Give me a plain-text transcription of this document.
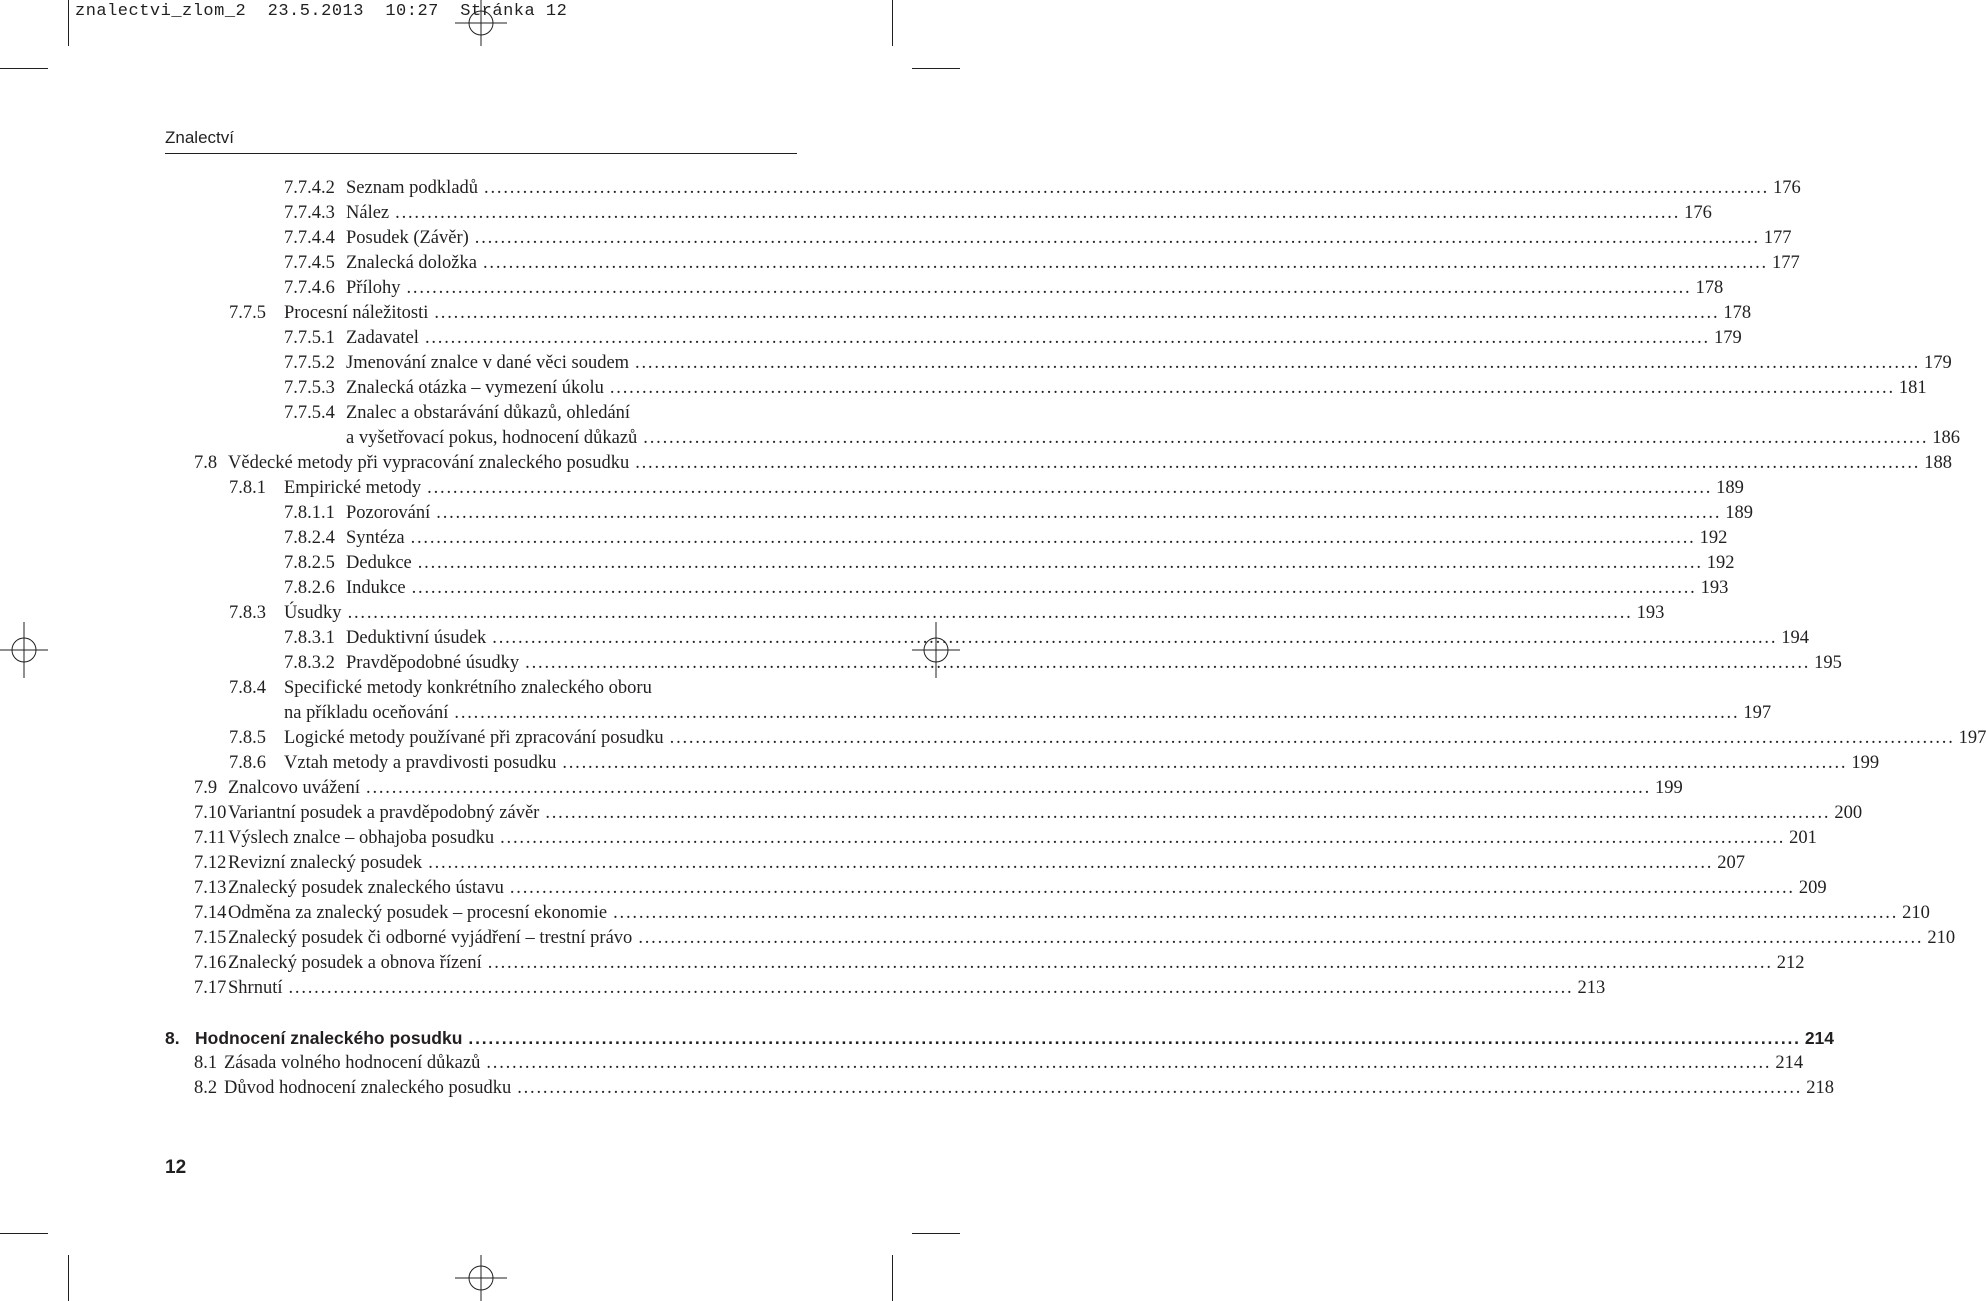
znalectvi_zlom_2  23.5.2013  10:27  Stránka 12
Znalectví
7.7.4.2 Seznam podkladů ........................................................................................................................................................................................................ 176
7.7.4.3 Nález ........................................................................................................................................................................................................ 176
7.7.4.4 Posudek (Závěr) ........................................................................................................................................................................................................ 177
7.7.4.5 Znalecká doložka ........................................................................................................................................................................................................ 177
7.7.4.6 Přílohy ........................................................................................................................................................................................................ 178
7.7.5 Procesní náležitosti ........................................................................................................................................................................................................ 178
7.7.5.1 Zadavatel ........................................................................................................................................................................................................ 179
7.7.5.2 Jmenování znalce v dané věci soudem ........................................................................................................................................................................................................ 179
7.7.5.3 Znalecká otázka – vymezení úkolu ........................................................................................................................................................................................................ 181
7.7.5.4 Znalec a obstarávání důkazů, ohledání
a vyšetřovací pokus, hodnocení důkazů ........................................................................................................................................................................................................ 186
7.8 Vědecké metody při vypracování znaleckého posudku ........................................................................................................................................................................................................ 188
7.8.1 Empirické metody ........................................................................................................................................................................................................ 189
7.8.1.1 Pozorování ........................................................................................................................................................................................................ 189
7.8.2.4 Syntéza ........................................................................................................................................................................................................ 192
7.8.2.5 Dedukce ........................................................................................................................................................................................................ 192
7.8.2.6 Indukce ........................................................................................................................................................................................................ 193
7.8.3 Úsudky ........................................................................................................................................................................................................ 193
7.8.3.1 Deduktivní úsudek ........................................................................................................................................................................................................ 194
7.8.3.2 Pravděpodobné úsudky ........................................................................................................................................................................................................ 195
7.8.4 Specifické metody konkrétního znaleckého oboru
na příkladu oceňování ........................................................................................................................................................................................................ 197
7.8.5 Logické metody používané při zpracování posudku ........................................................................................................................................................................................................ 197
7.8.6 Vztah metody a pravdivosti posudku ........................................................................................................................................................................................................ 199
7.9 Znalcovo uvážení ........................................................................................................................................................................................................ 199
7.10 Variantní posudek a pravděpodobný závěr ........................................................................................................................................................................................................ 200
7.11 Výslech znalce – obhajoba posudku ........................................................................................................................................................................................................ 201
7.12 Revizní znalecký posudek ........................................................................................................................................................................................................ 207
7.13 Znalecký posudek znaleckého ústavu ........................................................................................................................................................................................................ 209
7.14 Odměna za znalecký posudek – procesní ekonomie ........................................................................................................................................................................................................ 210
7.15 Znalecký posudek či odborné vyjádření – trestní právo ........................................................................................................................................................................................................ 210
7.16 Znalecký posudek a obnova řízení ........................................................................................................................................................................................................ 212
7.17 Shrnutí ........................................................................................................................................................................................................ 213
8. Hodnocení znaleckého posudku ........................................................................................................................................................................................................ 214
8.1 Zásada volného hodnocení důkazů ........................................................................................................................................................................................................ 214
8.2 Důvod hodnocení znaleckého posudku ........................................................................................................................................................................................................ 218
12
